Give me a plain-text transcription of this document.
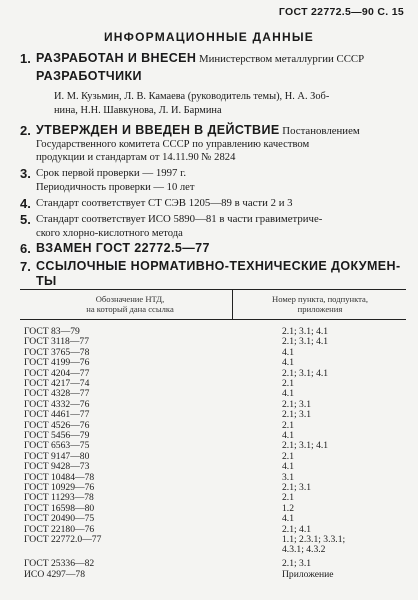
ГОСТ 22772.5—90 С. 15
ИНФОРМАЦИОННЫЕ ДАННЫЕ
1. РАЗРАБОТАН И ВНЕСЕН Министерством металлургии СССР
РАЗРАБОТЧИКИ
И. М. Кузьмин, Л. В. Камаева (руководитель темы), Н. А. Зоб-
нина, Н.Н. Шавкунова, Л. И. Бармина
2. УТВЕРЖДЕН И ВВЕДЕН В ДЕЙСТВИЕ Постановлением
Государственного комитета СССР по управлению качеством
продукции и стандартам от 14.11.90 № 2824
3. Срок первой проверки — 1997 г.
Периодичность проверки — 10 лет
4. Стандарт соответствует СТ СЭВ 1205—89 в части 2 и 3
5. Стандарт соответствует ИСО 5890—81 в части гравиметриче-
ского хлорно-кислотного метода
6. ВЗАМЕН ГОСТ 22772.5—77
7. ССЫЛОЧНЫЕ НОРМАТИВНО-ТЕХНИЧЕСКИЕ ДОКУМЕН-
ТЫ
Обозначение НТД,
на который дана ссылка
Номер пункта, подпункта,
приложения
ГОСТ 83—79	2.1; 3.1; 4.1
ГОСТ 3118—77	2.1; 3.1; 4.1
ГОСТ 3765—78	4.1
ГОСТ 4199—76	4.1
ГОСТ 4204—77	2.1; 3.1; 4.1
ГОСТ 4217—74	2.1
ГОСТ 4328—77	4.1
ГОСТ 4332—76	2.1; 3.1
ГОСТ 4461—77	2.1; 3.1
ГОСТ 4526—76	2.1
ГОСТ 5456—79	4.1
ГОСТ 6563—75	2.1; 3.1; 4.1
ГОСТ 9147—80	2.1
ГОСТ 9428—73	4.1
ГОСТ 10484—78	3.1
ГОСТ 10929—76	2.1; 3.1
ГОСТ 11293—78	2.1
ГОСТ 16598—80	1.2
ГОСТ 20490—75	4.1
ГОСТ 22180—76	2.1; 4.1
ГОСТ 22772.0—77	1.1; 2.3.1; 3.3.1;
4.3.1; 4.3.2
ГОСТ 25336—82	2.1; 3.1
ИСО 4297—78	Приложение
